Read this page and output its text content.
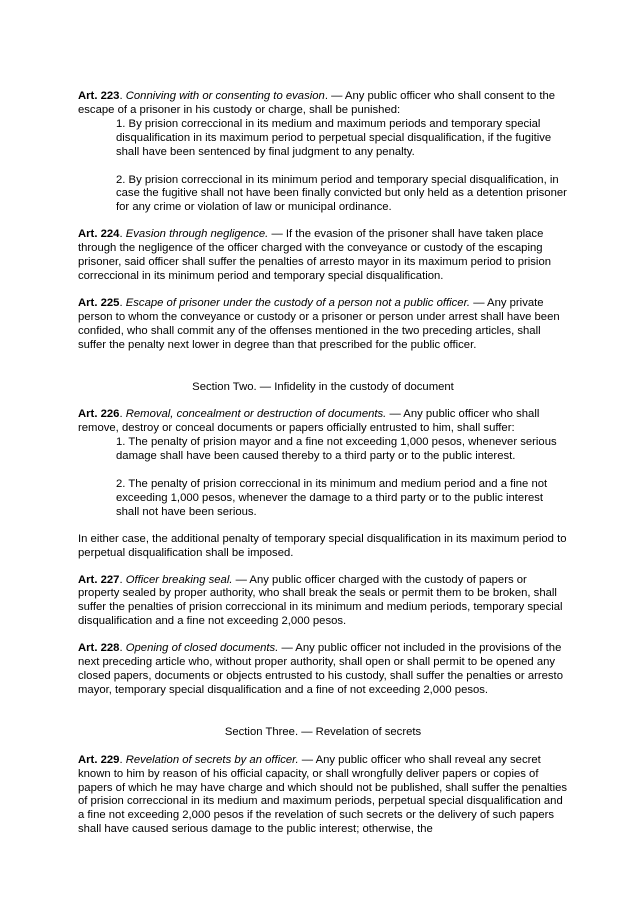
Art. 223. Conniving with or consenting to evasion. — Any public officer who shall consent to the escape of a prisoner in his custody or charge, shall be punished:

1. By prision correccional in its medium and maximum periods and temporary special disqualification in its maximum period to perpetual special disqualification, if the fugitive shall have been sentenced by final judgment to any penalty.

2. By prision correccional in its minimum period and temporary special disqualification, in case the fugitive shall not have been finally convicted but only held as a detention prisoner for any crime or violation of law or municipal ordinance.

Art. 224. Evasion through negligence. — If the evasion of the prisoner shall have taken place through the negligence of the officer charged with the conveyance or custody of the escaping prisoner, said officer shall suffer the penalties of arresto mayor in its maximum period to prision correccional in its minimum period and temporary special disqualification.

Art. 225. Escape of prisoner under the custody of a person not a public officer. — Any private person to whom the conveyance or custody or a prisoner or person under arrest shall have been confided, who shall commit any of the offenses mentioned in the two preceding articles, shall suffer the penalty next lower in degree than that prescribed for the public officer.

Section Two. — Infidelity in the custody of document

Art. 226. Removal, concealment or destruction of documents. — Any public officer who shall remove, destroy or conceal documents or papers officially entrusted to him, shall suffer:

1. The penalty of prision mayor and a fine not exceeding 1,000 pesos, whenever serious damage shall have been caused thereby to a third party or to the public interest.

2. The penalty of prision correccional in its minimum and medium period and a fine not exceeding 1,000 pesos, whenever the damage to a third party or to the public interest shall not have been serious.

In either case, the additional penalty of temporary special disqualification in its maximum period to perpetual disqualification shall be imposed.

Art. 227. Officer breaking seal. — Any public officer charged with the custody of papers or property sealed by proper authority, who shall break the seals or permit them to be broken, shall suffer the penalties of prision correccional in its minimum and medium periods, temporary special disqualification and a fine not exceeding 2,000 pesos.

Art. 228. Opening of closed documents. — Any public officer not included in the provisions of the next preceding article who, without proper authority, shall open or shall permit to be opened any closed papers, documents or objects entrusted to his custody, shall suffer the penalties or arresto mayor, temporary special disqualification and a fine of not exceeding 2,000 pesos.

Section Three. — Revelation of secrets

Art. 229. Revelation of secrets by an officer. — Any public officer who shall reveal any secret known to him by reason of his official capacity, or shall wrongfully deliver papers or copies of papers of which he may have charge and which should not be published, shall suffer the penalties of prision correccional in its medium and maximum periods, perpetual special disqualification and a fine not exceeding 2,000 pesos if the revelation of such secrets or the delivery of such papers shall have caused serious damage to the public interest; otherwise, the
